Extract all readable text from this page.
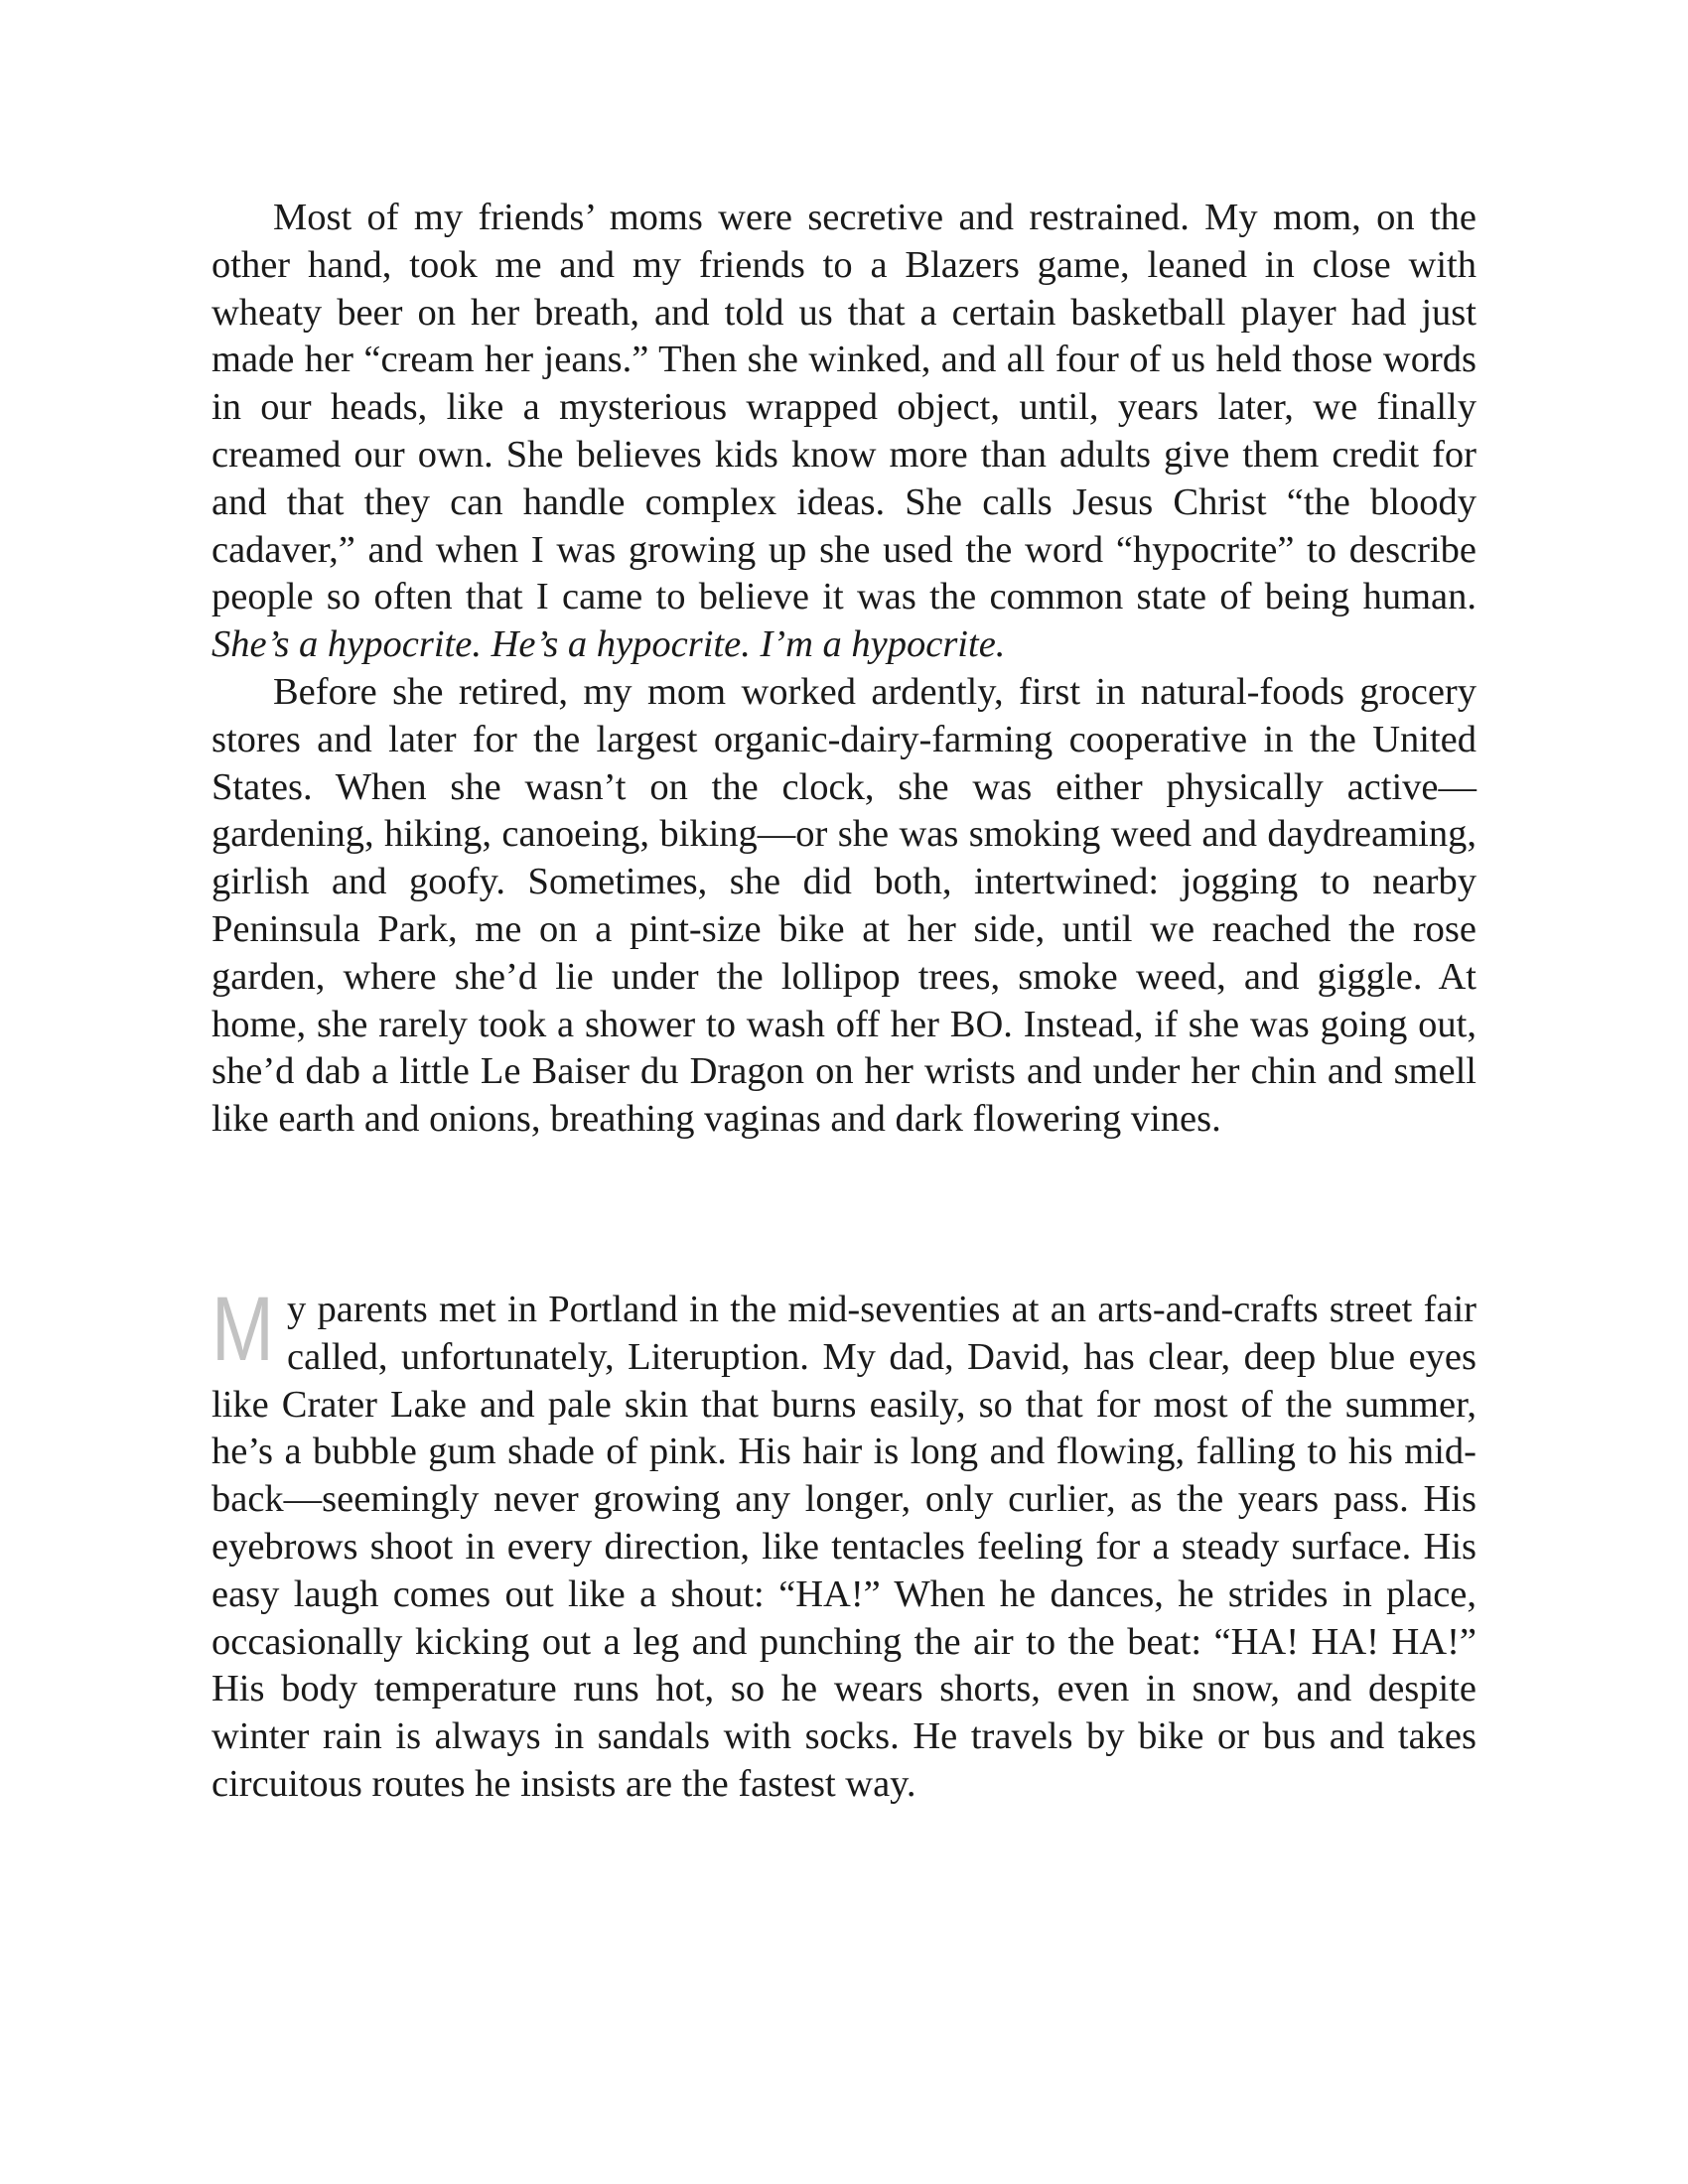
Most of my friends’ moms were secretive and restrained. My mom, on the other hand, took me and my friends to a Blazers game, leaned in close with wheaty beer on her breath, and told us that a certain basketball player had just made her “cream her jeans.” Then she winked, and all four of us held those words in our heads, like a mysterious wrapped object, until, years later, we finally creamed our own. She believes kids know more than adults give them credit for and that they can handle complex ideas. She calls Jesus Christ “the bloody cadaver,” and when I was growing up she used the word “hypocrite” to describe people so often that I came to believe it was the common state of being human. She’s a hypocrite. He’s a hypocrite. I’m a hypocrite.

Before she retired, my mom worked ardently, first in natural-foods grocery stores and later for the largest organic-dairy-farming cooperative in the United States. When she wasn’t on the clock, she was either physically active—gardening, hiking, canoeing, biking—or she was smoking weed and daydreaming, girlish and goofy. Sometimes, she did both, intertwined: jogging to nearby Peninsula Park, me on a pint-size bike at her side, until we reached the rose garden, where she’d lie under the lollipop trees, smoke weed, and giggle. At home, she rarely took a shower to wash off her BO. Instead, if she was going out, she’d dab a little Le Baiser du Dragon on her wrists and under her chin and smell like earth and onions, breathing vaginas and dark flowering vines.

My parents met in Portland in the mid-seventies at an arts-and-crafts street fair called, unfortunately, Literuption. My dad, David, has clear, deep blue eyes like Crater Lake and pale skin that burns easily, so that for most of the summer, he’s a bubble gum shade of pink. His hair is long and flowing, falling to his mid-back—seemingly never growing any longer, only curlier, as the years pass. His eyebrows shoot in every direction, like tentacles feeling for a steady surface. His easy laugh comes out like a shout: “HA!” When he dances, he strides in place, occasionally kicking out a leg and punching the air to the beat: “HA! HA! HA!” His body temperature runs hot, so he wears shorts, even in snow, and despite winter rain is always in sandals with socks. He travels by bike or bus and takes circuitous routes he insists are the fastest way.
